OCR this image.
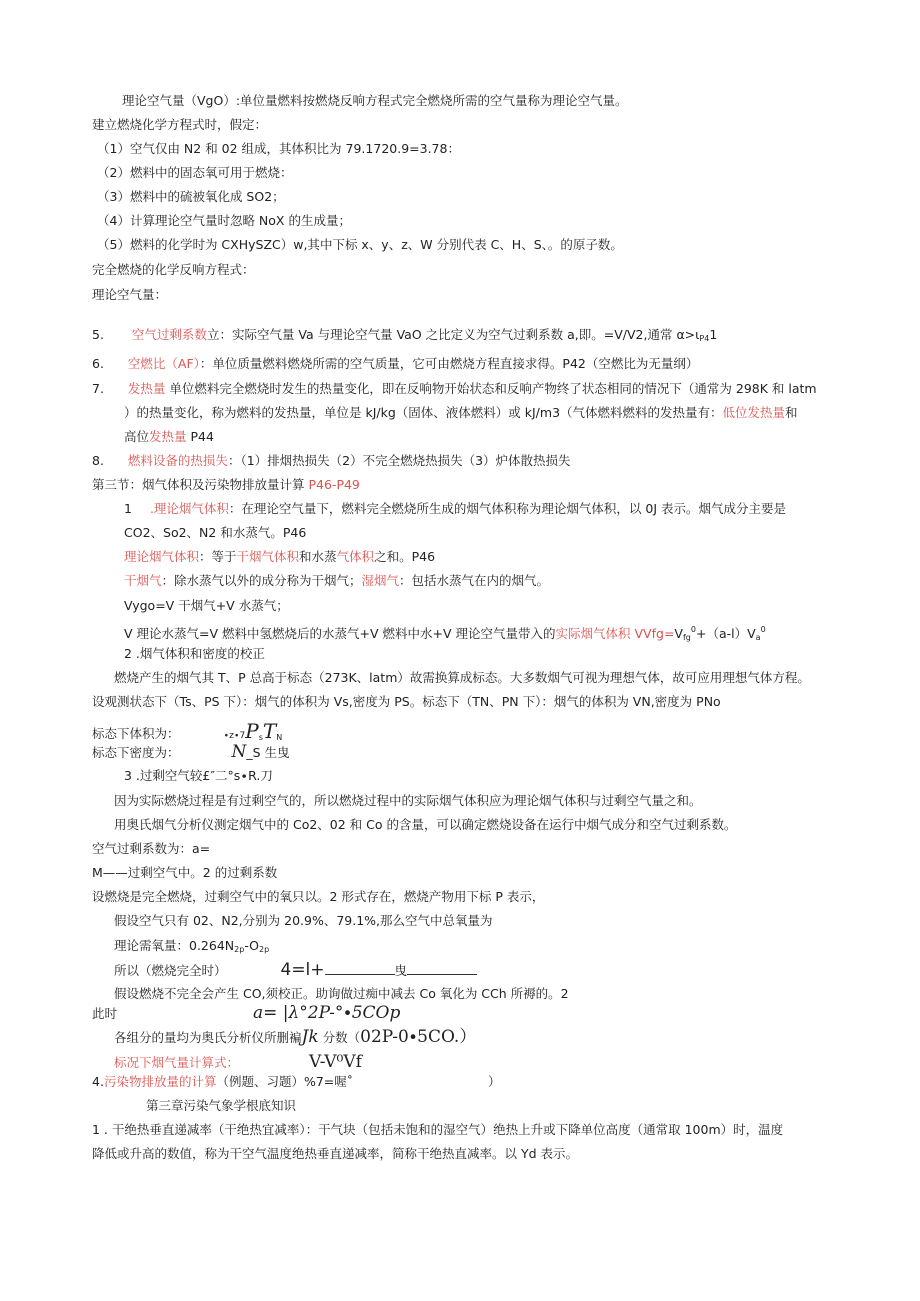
理论空气量（VgO）:单位量燃料按燃烧反响方程式完全燃烧所需的空气量称为理论空气量。
建立燃烧化学方程式时，假定：
（1）空气仅由 N2 和 02 组成，其体积比为 79.1720.9=3.78：
（2）燃料中的固态氧可用于燃烧：
（3）燃料中的硫被氧化成 SO2；
（4）计算理论空气量时忽略 NoX 的生成量；
（5）燃料的化学时为 CXHySZC）w,其中下标 x、y、z、W 分别代表 C、H、S、。的原子数。
完全燃烧的化学反响方程式：
理论空气量：
5. 空气过剩系数立：实际空气量 Va 与理论空气量 VaO 之比定义为空气过剩系数 a,即。=V∕V2,通常 $\alpha>\iota_{P4}1$
6. 空燃比（AF）：单位质量燃料燃烧所需的空气质量，它可由燃烧方程直接求得。P42（空燃比为无量纲）
7. 发热量 单位燃料完全燃烧时发生的热量变化，即在反响物开始状态和反响产物终了状态相同的情况下（通常为 298K 和 latm
）的热量变化，称为燃料的发热量，单位是 kJ/kg（固体、液体燃料）或 kJ∕m3（气体燃料燃料的发热量有：低位发热量和
高位发热量 P44
8. 燃料设备的热损失：（1）排烟热损失（2）不完全燃烧热损失（3）炉体散热损失
第三节：烟气体积及污染物排放量计算 P46-P49
1 .理论烟气体积：在理论空气量下，燃料完全燃烧所生成的烟气体积称为理论烟气体积，以 0J 表示。烟气成分主要是
CO2、So2、N2 和水蒸气。P46
理论烟气体积：等于干烟气体积和水蒸气体积之和。P46
干烟气：除水蒸气以外的成分称为干烟气；湿烟气：包括水蒸气在内的烟气。
Vygo=V 干烟气+V 水蒸气；
V 理论水蒸气=V 燃料中氢燃烧后的水蒸气+V 燃料中水+V 理论空气量带入的实际烟气体积 $VVfg=V_{fg}^0+(a-l)V_a^0$
2 .烟气体积和密度的校正
燃烧产生的烟气其 T、P 总高于标态（273K、latm）故需换算成标态。大多数烟气可视为理想气体，故可应用理想气体方程。
设观测状态下（Ts、PS 下）：烟气的体积为 Vs,密度为 PS。标态下（TN、PN 下）：烟气的体积为 VN,密度为 PNo
标态下体积为：	$\cdot z\cdot 7P_sT_N$
标态下密度为：	N_S 生曳
3 .过剩空气较£″二°s∙R.刀
因为实际燃烧过程是有过剩空气的，所以燃烧过程中的实际烟气体积应为理论烟气体积与过剩空气量之和。
用奥氏烟气分析仪测定烟气中的 Co2、02 和 Co 的含量，可以确定燃烧设备在运行中烟气成分和空气过剩系数。
空气过剩系数为：a=
M——过剩空气中。2 的过剩系数
设燃烧是完全燃烧，过剩空气中的氧只以。2 形式存在，燃烧产物用下标 P 表示，
假设空气只有 02、N2,分别为 20.9%、79.1%,那么空气中总氧量为
理论需氧量：$0.264N_{2p}-O_{2p}$
所以（燃烧完全时）	4=l+	曳
假设燃烧不完全会产生 CO,须校正。助询做过痴中减去 Co 氧化为 CCh 所褥的。2
此时	a= |λ°2P-°∙5COp
各组分的量均为奥氏分析仪所删褊Jk 分数（02P-0∙5CO.）
标况下烟气量计算式：	V-V⁰Vf
4.污染物排放量的计算（例题、习题）%7=喔˚	）
第三章污染气象学根底知识
1 . 干绝热垂直递减率（干绝热宜减率）：干气块（包括未饱和的湿空气）绝热上升或下降单位高度（通常取 100m）时，温度
降低或升高的数值，称为干空气温度绝热垂直递减率，简称干绝热直减率。以 Yd 表示。
